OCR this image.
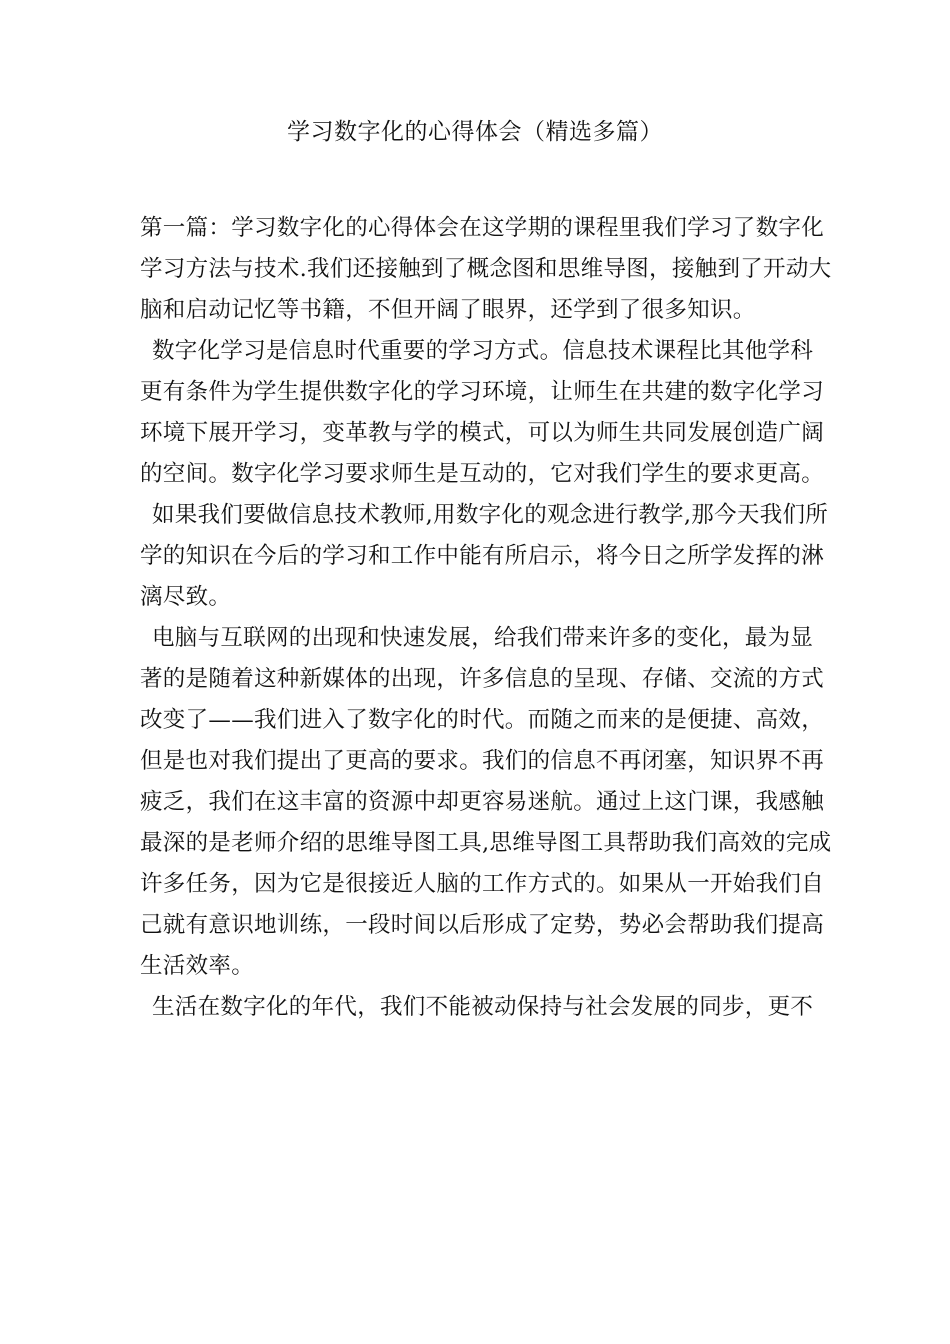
学习数字化的心得体会（精选多篇）
第一篇：学习数字化的心得体会在这学期的课程里我们学习了数字化
学习方法与技术.我们还接触到了概念图和思维导图，接触到了开动大
脑和启动记忆等书籍，不但开阔了眼界，还学到了很多知识。
数字化学习是信息时代重要的学习方式。信息技术课程比其他学科
更有条件为学生提供数字化的学习环境，让师生在共建的数字化学习
环境下展开学习，变革教与学的模式，可以为师生共同发展创造广阔
的空间。数字化学习要求师生是互动的，它对我们学生的要求更高。
如果我们要做信息技术教师,用数字化的观念进行教学,那今天我们所
学的知识在今后的学习和工作中能有所启示，将今日之所学发挥的淋
漓尽致。
电脑与互联网的出现和快速发展，给我们带来许多的变化，最为显
著的是随着这种新媒体的出现，许多信息的呈现、存储、交流的方式
改变了——我们进入了数字化的时代。而随之而来的是便捷、高效，
但是也对我们提出了更高的要求。我们的信息不再闭塞，知识界不再
疲乏，我们在这丰富的资源中却更容易迷航。通过上这门课，我感触
最深的是老师介绍的思维导图工具,思维导图工具帮助我们高效的完成
许多任务，因为它是很接近人脑的工作方式的。如果从一开始我们自
己就有意识地训练，一段时间以后形成了定势，势必会帮助我们提高
生活效率。
生活在数字化的年代，我们不能被动保持与社会发展的同步，更不
